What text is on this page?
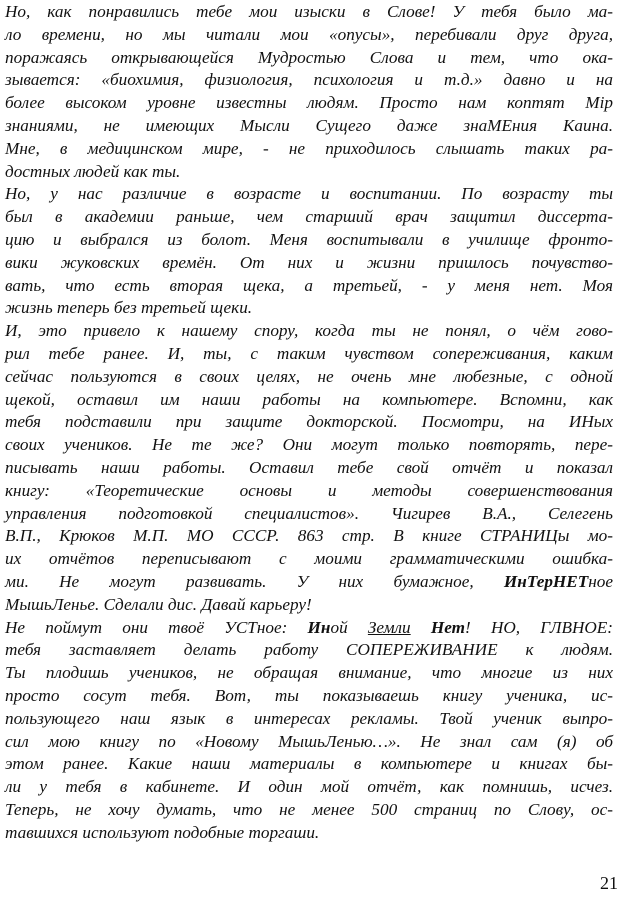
Но, как понравились тебе мои изыски в Слове! У тебя было ма-
ло времени, но мы читали мои «опусы», перебивали друг друга,
поражаясь открывающейся Мудростью Слова и тем, что ока-
зывается: «биохимия, физиология, психология и т.д.» давно и на
более высоком уровне известны людям. Просто нам коптят Мiр
знаниями, не имеющих Мысли Сущего даже знаМЕния Каина.
Мне, в медицинском мире, - не приходилось слышать таких ра-
достных людей как ты.
Но, у нас различие в возрасте и воспитании. По возрасту ты
был в академии раньше, чем старший врач защитил диссерта-
цию и выбрался из болот. Меня воспитывали в училище фронто-
вики жуковских времён. От них и жизни пришлось почувство-
вать, что есть вторая щека, а третьей, - у меня нет. Моя
жизнь теперь без третьей щеки.
И, это привело к нашему спору, когда ты не понял, о чём гово-
рил тебе ранее. И, ты, с таким чувством сопереживания, каким
сейчас пользуются в своих целях, не очень мне любезные, с одной
щекой, оставил им наши работы на компьютере. Вспомни, как
тебя подставили при защите докторской. Посмотри, на ИНых
своих учеников. Не те же? Они могут только повторять, пере-
писывать наши работы. Оставил тебе свой отчёт и показал
книгу: «Теоретические основы и методы совершенствования
управления подготовкой специалистов». Чигирев В.А., Селегень
В.П., Крюков М.П. МО СССР. 863 стр. В книге СТРАНИЦы мо-
их отчётов переписывают с моими грамматическими ошибка-
ми. Не могут развивать. У них бумажное, ИнТерНЕТное
МышьЛенье. Сделали дис. Давай карьеру!
Не поймут они твоё УСТное: Иной Земли Нет! НО, ГЛВНОЕ:
тебя заставляет делать работу СОПЕРЕЖИВАНИЕ к людям.
Ты плодишь учеников, не обращая внимание, что многие из них
просто сосут тебя. Вот, ты показываешь книгу ученика, ис-
пользующего наш язык в интересах рекламы. Твой ученик выпро-
сил мою книгу по «Новому МышьЛенью…». Не знал сам (я) об
этом ранее. Какие наши материалы в компьютере и книгах бы-
ли у тебя в кабинете. И один мой отчёт, как помнишь, исчез.
Теперь, не хочу думать, что не менее 500 страниц по Слову, ос-
тавшихся используют подобные торгаши.
21
